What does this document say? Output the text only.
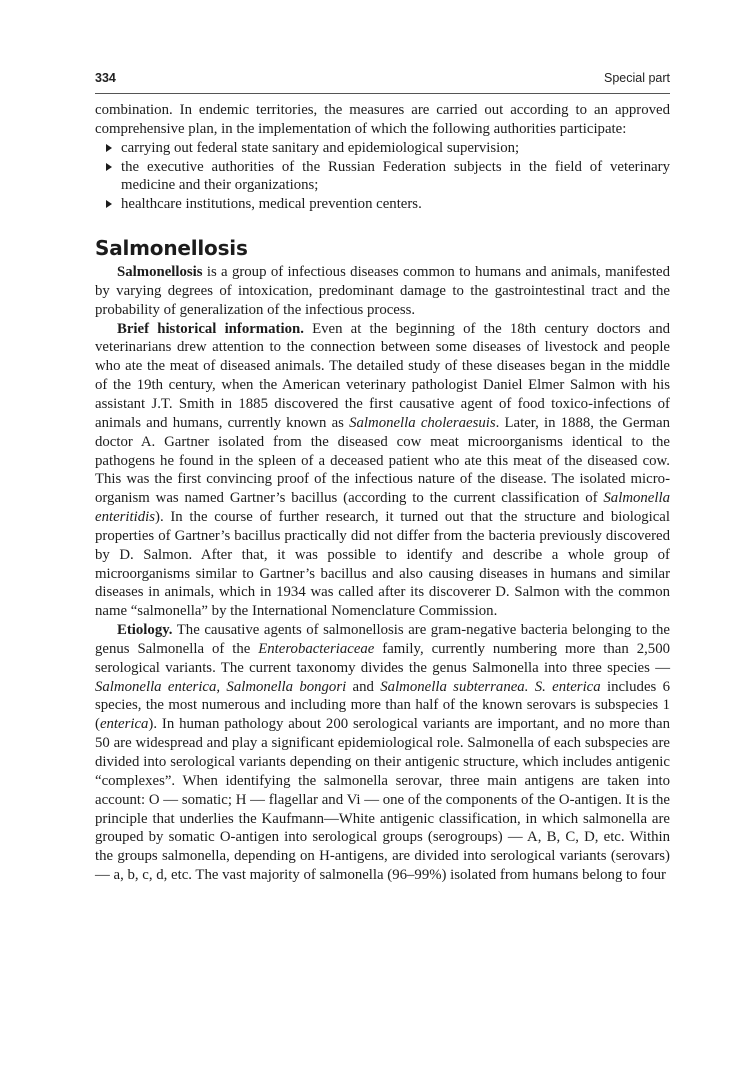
334	Special part

combination. In endemic territories, the measures are carried out according to an approved comprehensive plan, in the implementation of which the following authorities participate:

carrying out federal state sanitary and epidemiological supervision;
the executive authorities of the Russian Federation subjects in the field of veterinary medicine and their organizations;
healthcare institutions, medical prevention centers.
Salmonellosis

Salmonellosis is a group of infectious diseases common to humans and animals, manifested by varying degrees of intoxication, predominant damage to the gastrointestinal tract and the probability of generalization of the infectious process.

Brief historical information. Even at the beginning of the 18th century doctors and veterinarians drew attention to the connection between some diseases of livestock and people who ate the meat of diseased animals. The detailed study of these diseases began in the middle of the 19th century, when the American veterinary pathologist Daniel Elmer Salmon with his assistant J.T. Smith in 1885 discovered the first causative agent of food toxico-infections of animals and humans, currently known as Salmonella choleraesuis. Later, in 1888, the German doctor A. Gartner isolated from the diseased cow meat microorganisms identical to the pathogens he found in the spleen of a deceased patient who ate this meat of the diseased cow. This was the first convincing proof of the infectious nature of the disease. The isolated microorganism was named Gartner’s bacillus (according to the current classification of Salmonella enteritidis). In the course of further research, it turned out that the structure and biological properties of Gartner’s bacillus practically did not differ from the bacteria previously discovered by D. Salmon. After that, it was possible to identify and describe a whole group of microorganisms similar to Gartner’s bacillus and also causing diseases in humans and similar diseases in animals, which in 1934 was called after its discoverer D. Salmon with the common name “salmonella” by the International Nomenclature Commission.

Etiology. The causative agents of salmonellosis are gram-negative bacteria belonging to the genus Salmonella of the Enterobacteriaceae family, currently numbering more than 2,500 serological variants. The current taxonomy divides the genus Salmonella into three species — Salmonella enterica, Salmonella bongori and Salmonella subterranea. S. enterica includes 6 species, the most numerous and including more than half of the known serovars is subspecies 1 (enterica). In human pathology about 200 serological variants are important, and no more than 50 are widespread and play a significant epidemiological role. Salmonella of each subspecies are divided into serological variants depending on their antigenic structure, which includes antigenic “complexes”. When identifying the salmonella serovar, three main antigens are taken into account: O — somatic; H — flagellar and Vi — one of the components of the O-antigen. It is the principle that underlies the Kaufmann—White antigenic classification, in which salmonella are grouped by somatic O-antigen into serological groups (serogroups) — A, B, C, D, etc. Within the groups salmonella, depending on H-antigens, are divided into serological variants (serovars) — a, b, c, d, etc. The vast majority of salmonella (96–99%) isolated from humans belong to four
